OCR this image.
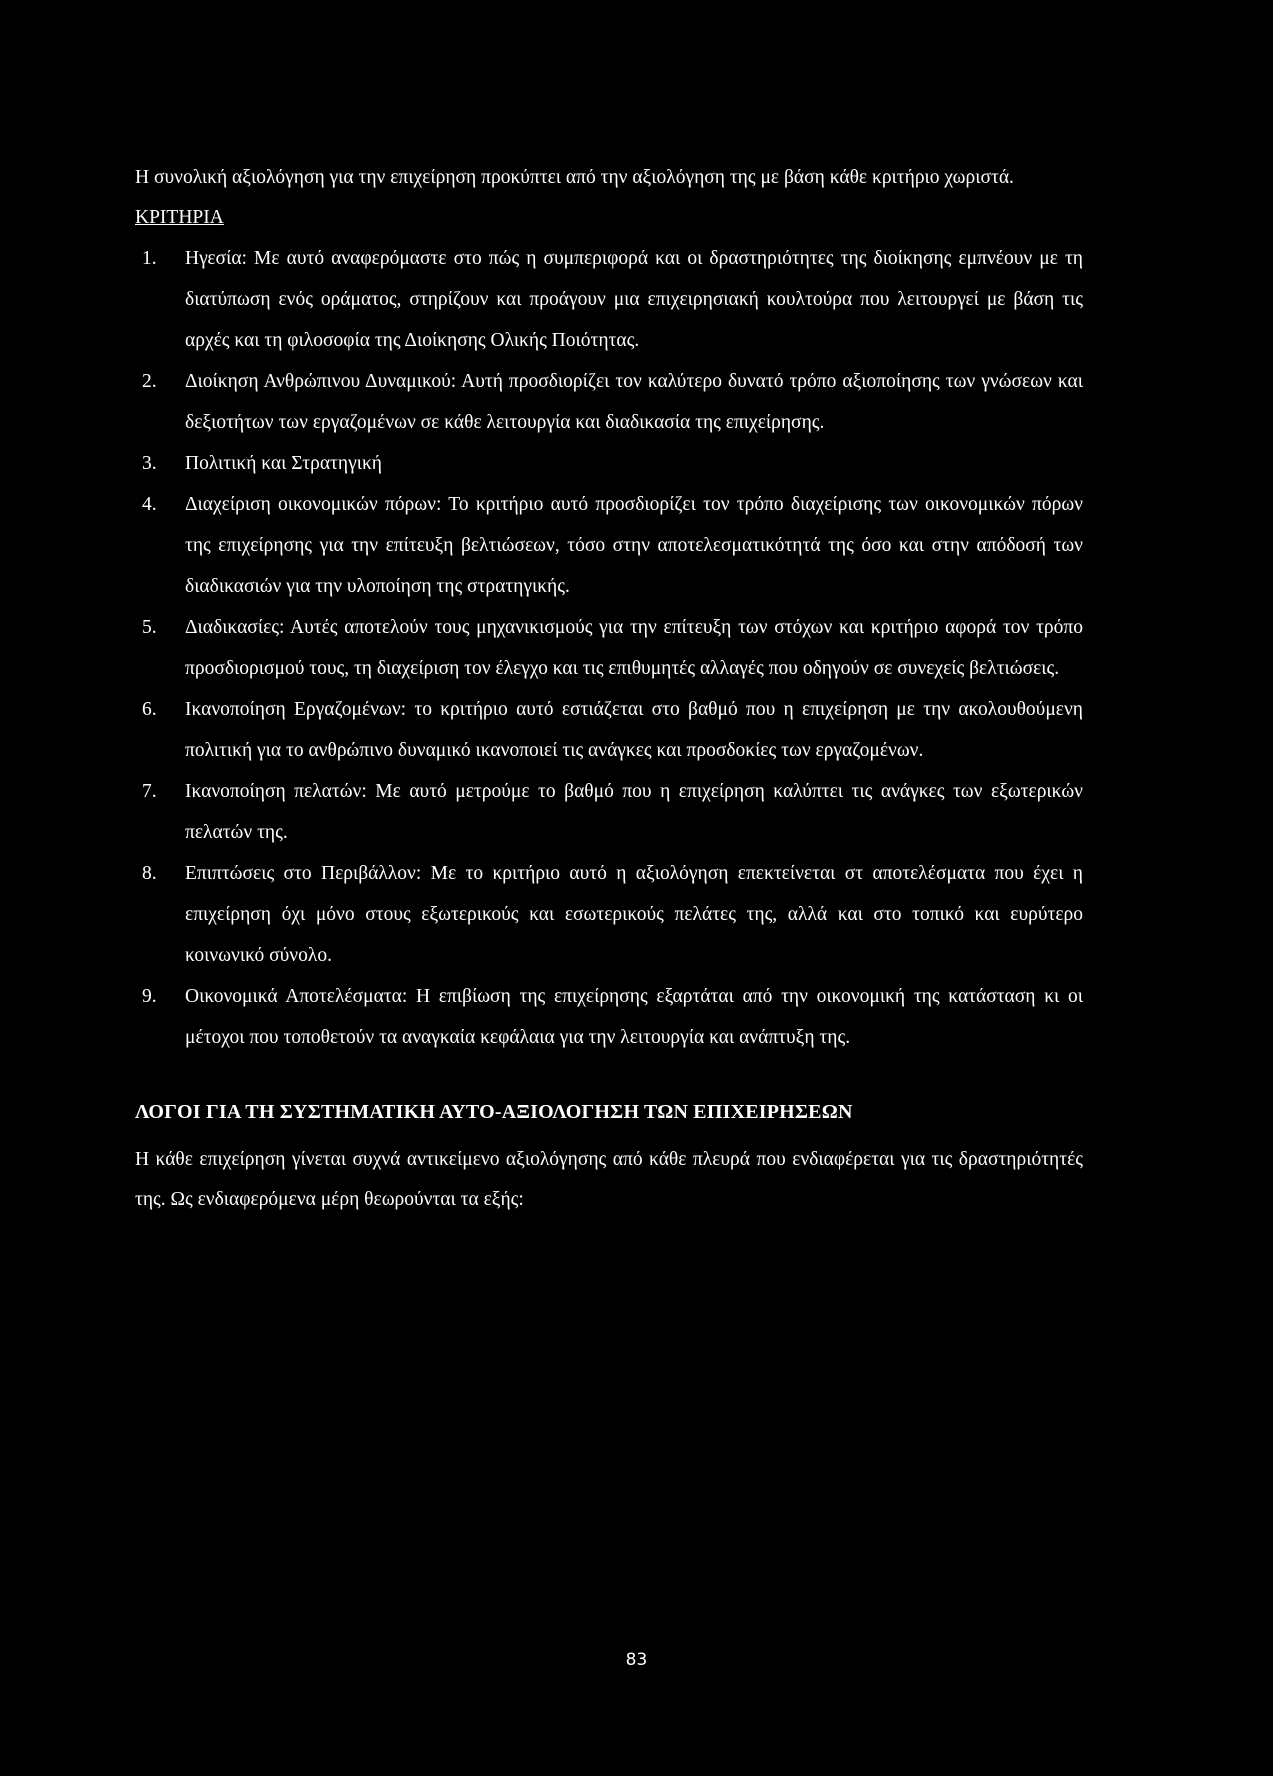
Η συνολική αξιολόγηση για την επιχείρηση προκύπτει από την αξιολόγηση της με βάση κάθε κριτήριο χωριστά.

ΚΡΙΤΗΡΙΑ

1. Ηγεσία: Με αυτό αναφερόμαστε στο πώς η συμπεριφορά και οι δραστηριότητες της διοίκησης εμπνέουν με τη διατύπωση ενός οράματος, στηρίζουν και προάγουν μια επιχειρησιακή κουλτούρα που λειτουργεί με βάση τις αρχές και τη φιλοσοφία της Διοίκησης Ολικής Ποιότητας.
2. Διοίκηση Ανθρώπινου Δυναμικού: Αυτή προσδιορίζει τον καλύτερο δυνατό τρόπο αξιοποίησης των γνώσεων και δεξιοτήτων των εργαζομένων σε κάθε λειτουργία και διαδικασία της επιχείρησης.
3. Πολιτική και Στρατηγική
4. Διαχείριση οικονομικών πόρων: Το κριτήριο αυτό προσδιορίζει τον τρόπο διαχείρισης των οικονομικών πόρων της επιχείρησης για την επίτευξη βελτιώσεων, τόσο στην αποτελεσματικότητά της όσο και στην απόδοσή των διαδικασιών για την υλοποίηση της στρατηγικής.
5. Διαδικασίες: Αυτές αποτελούν τους μηχανικισμούς για την επίτευξη των στόχων και κριτήριο αφορά τον τρόπο προσδιορισμού τους, τη διαχείριση τον έλεγχο και τις επιθυμητές αλλαγές που οδηγούν σε συνεχείς βελτιώσεις.
6. Ικανοποίηση Εργαζομένων: το κριτήριο αυτό εστιάζεται στο βαθμό που η επιχείρηση με την ακολουθούμενη πολιτική για το ανθρώπινο δυναμικό ικανοποιεί τις ανάγκες και προσδοκίες των εργαζομένων.
7. Ικανοποίηση πελατών: Με αυτό μετρούμε το βαθμό που η επιχείρηση καλύπτει τις ανάγκες των εξωτερικών πελατών της.
8. Επιπτώσεις στο Περιβάλλον: Με το κριτήριο αυτό η αξιολόγηση επεκτείνεται στ αποτελέσματα που έχει η επιχείρηση όχι μόνο στους εξωτερικούς και εσωτερικούς πελάτες της, αλλά και στο τοπικό και ευρύτερο κοινωνικό σύνολο.
9. Οικονομικά Αποτελέσματα: Η επιβίωση της επιχείρησης εξαρτάται από την οικονομική της κατάσταση κι οι μέτοχοι που τοποθετούν τα αναγκαία κεφάλαια για την λειτουργία και ανάπτυξη της.

ΛΟΓΟΙ ΓΙΑ ΤΗ ΣΥΣΤΗΜΑΤΙΚΗ ΑΥΤΟ-ΑΞΙΟΛΟΓΗΣΗ ΤΩΝ ΕΠΙΧΕΙΡΗΣΕΩΝ

Η κάθε επιχείρηση γίνεται συχνά αντικείμενο αξιολόγησης από κάθε πλευρά που ενδιαφέρεται για τις δραστηριότητές της. Ως ενδιαφερόμενα μέρη θεωρούνται τα εξής:

83
